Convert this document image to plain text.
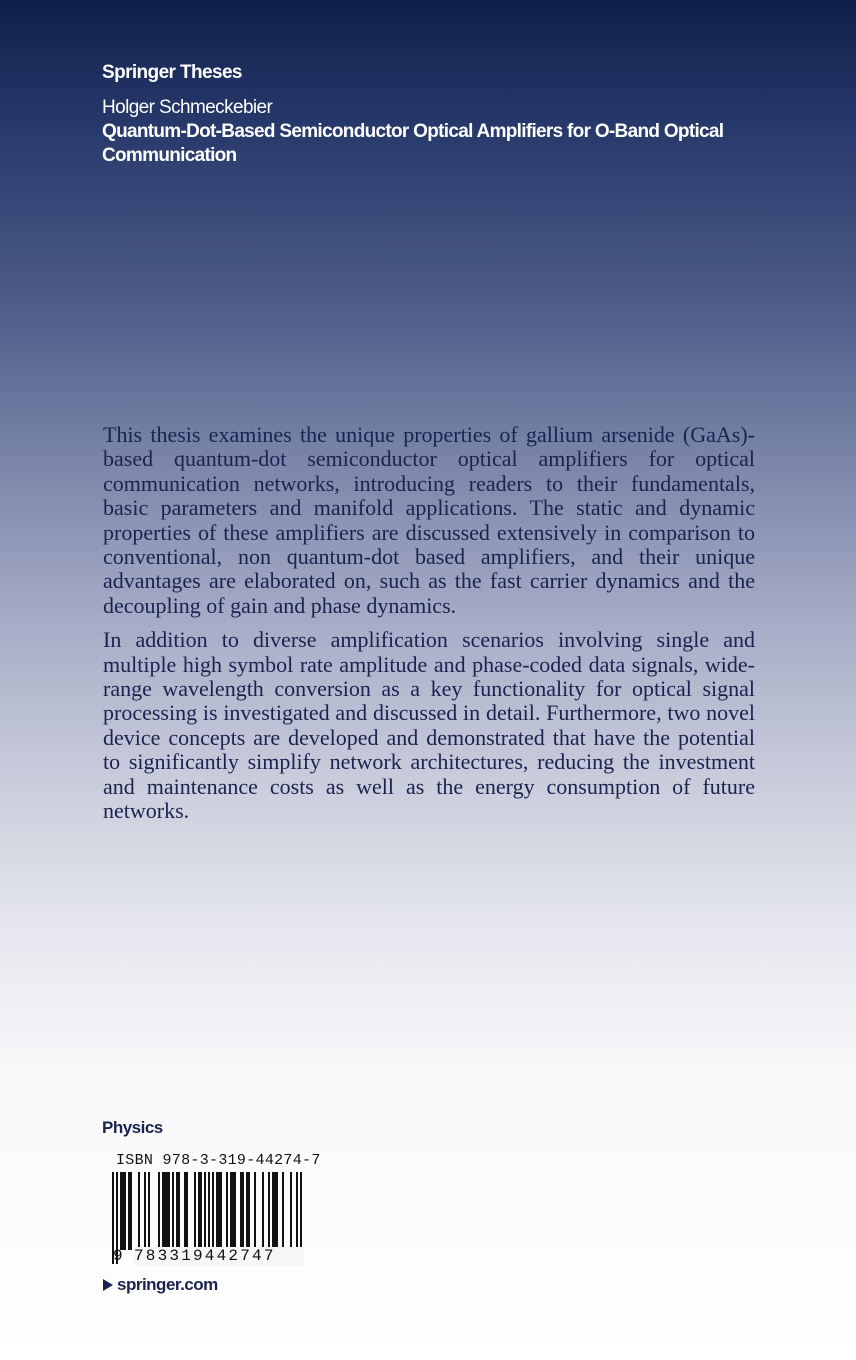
Springer Theses
Holger Schmeckebier
Quantum-Dot-Based Semiconductor Optical Amplifiers for O-Band Optical Communication

This thesis examines the unique properties of gallium arsenide (GaAs)-based quantum-dot semiconductor optical amplifiers for optical communication networks, introducing readers to their fundamentals, basic parameters and manifold applications. The static and dynamic properties of these amplifiers are discussed extensively in comparison to conventional, non quantum-dot based amplifiers, and their unique advantages are elaborated on, such as the fast carrier dynamics and the decoupling of gain and phase dynamics.

In addition to diverse amplification scenarios involving single and multiple high symbol rate amplitude and phase-coded data signals, wide-range wavelength conversion as a key functionality for optical signal processing is investigated and discussed in detail. Furthermore, two novel device concepts are developed and demonstrated that have the potential to significantly simplify network architectures, reducing the investment and maintenance costs as well as the energy consumption of future networks.

Physics
ISBN 978-3-319-44274-7
9 783319442747
springer.com
